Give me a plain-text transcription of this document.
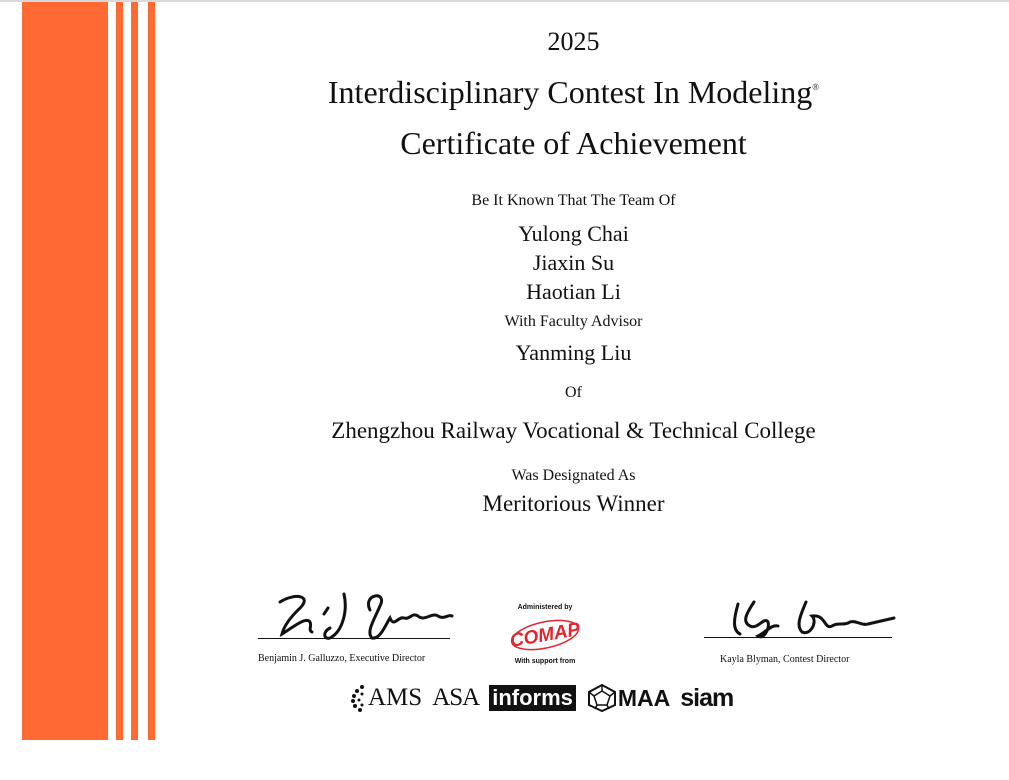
2025
Interdisciplinary Contest In Modeling®
Certificate of Achievement
Be It Known That The Team Of
Yulong Chai
Jiaxin Su
Haotian Li
With Faculty Advisor
Yanming Liu
Of
Zhengzhou Railway Vocational & Technical College
Was Designated As
Meritorious Winner
Benjamin J. Galluzzo, Executive Director
Administered by
COMAP
With support from	Kayla Blyman, Contest Director
AMS ASA informs MAA siam
